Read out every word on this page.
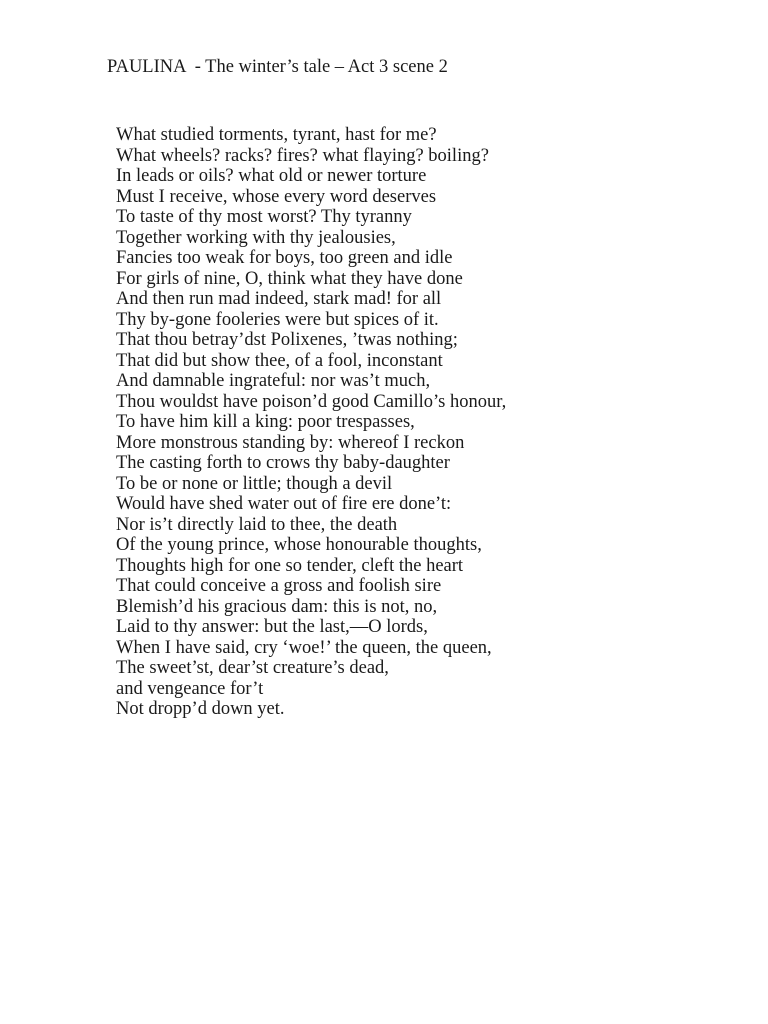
PAULINA  - The winter’s tale – Act 3 scene 2
What studied torments, tyrant, hast for me?
What wheels? racks? fires? what flaying? boiling?
In leads or oils? what old or newer torture
Must I receive, whose every word deserves
To taste of thy most worst? Thy tyranny
Together working with thy jealousies,
Fancies too weak for boys, too green and idle
For girls of nine, O, think what they have done
And then run mad indeed, stark mad! for all
Thy by-gone fooleries were but spices of it.
That thou betray’dst Polixenes, ’twas nothing;
That did but show thee, of a fool, inconstant
And damnable ingrateful: nor was’t much,
Thou wouldst have poison’d good Camillo’s honour,
To have him kill a king: poor trespasses,
More monstrous standing by: whereof I reckon
The casting forth to crows thy baby-daughter
To be or none or little; though a devil
Would have shed water out of fire ere done’t:
Nor is’t directly laid to thee, the death
Of the young prince, whose honourable thoughts,
Thoughts high for one so tender, cleft the heart
That could conceive a gross and foolish sire
Blemish’d his gracious dam: this is not, no,
Laid to thy answer: but the last,—O lords,
When I have said, cry ‘woe!’ the queen, the queen,
The sweet’st, dear’st creature’s dead,
and vengeance for’t
Not dropp’d down yet.
